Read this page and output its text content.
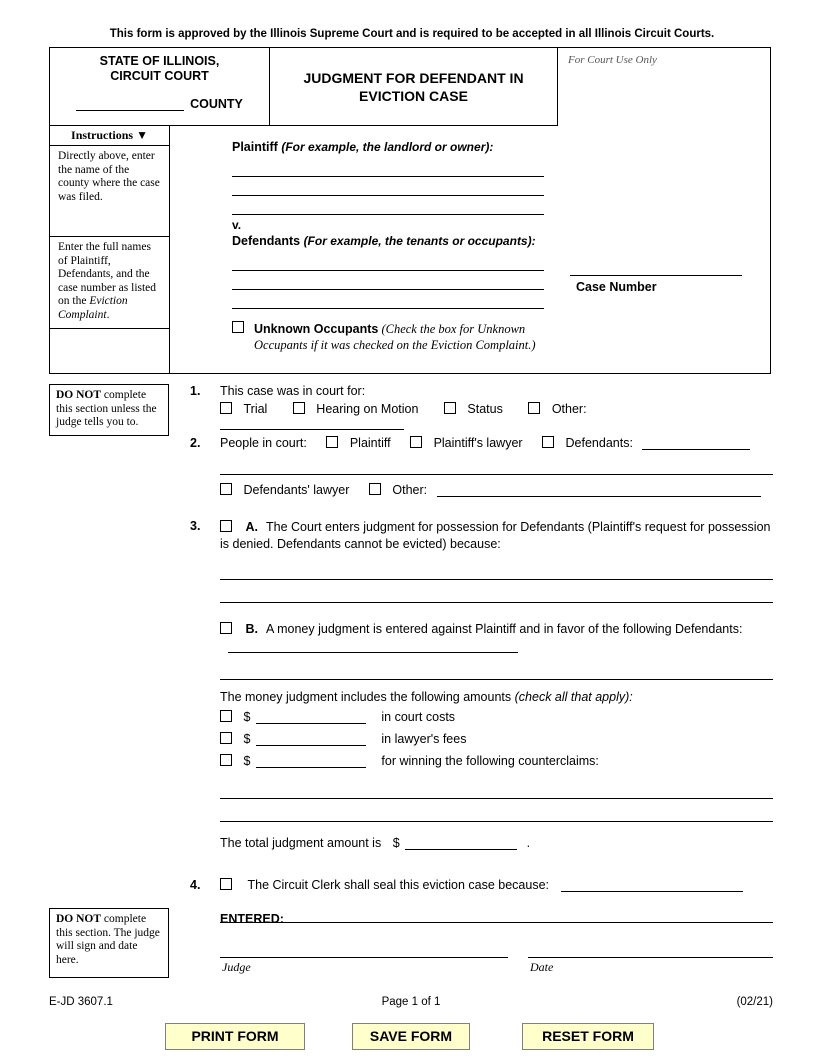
This form is approved by the Illinois Supreme Court and is required to be accepted in all Illinois Circuit Courts.
STATE OF ILLINOIS,
CIRCUIT COURT
COUNTY
JUDGMENT FOR DEFENDANT IN EVICTION CASE
For Court Use Only
Case Number
Instructions ▼
Directly above, enter the name of the county where the case was filed.
Enter the full names of Plaintiff, Defendants, and the case number as listed on the Eviction Complaint.
Plaintiff (For example, the landlord or owner):
v.
Defendants (For example, the tenants or occupants):
Unknown Occupants (Check the box for Unknown Occupants if it was checked on the Eviction Complaint.)
DO NOT complete this section unless the judge tells you to.
DO NOT complete this section. The judge will sign and date here.
1. This case was in court for:
Trial	Hearing on Motion	Status	Other:
2. People in court:	Plaintiff	Plaintiff's lawyer	Defendants:
Defendants' lawyer	Other:
3.	A. The Court enters judgment for possession for Defendants (Plaintiff's request for possession is denied. Defendants cannot be evicted) because:
B. A money judgment is entered against Plaintiff and in favor of the following Defendants:
The money judgment includes the following amounts (check all that apply):
$	in court costs
$	in lawyer's fees
$	for winning the following counterclaims:
The total judgment amount is $	.
4.	The Circuit Clerk shall seal this eviction case because:
ENTERED:
Judge	Date
E-JD 3607.1	Page 1 of 1	(02/21)
PRINT FORM	SAVE FORM	RESET FORM
